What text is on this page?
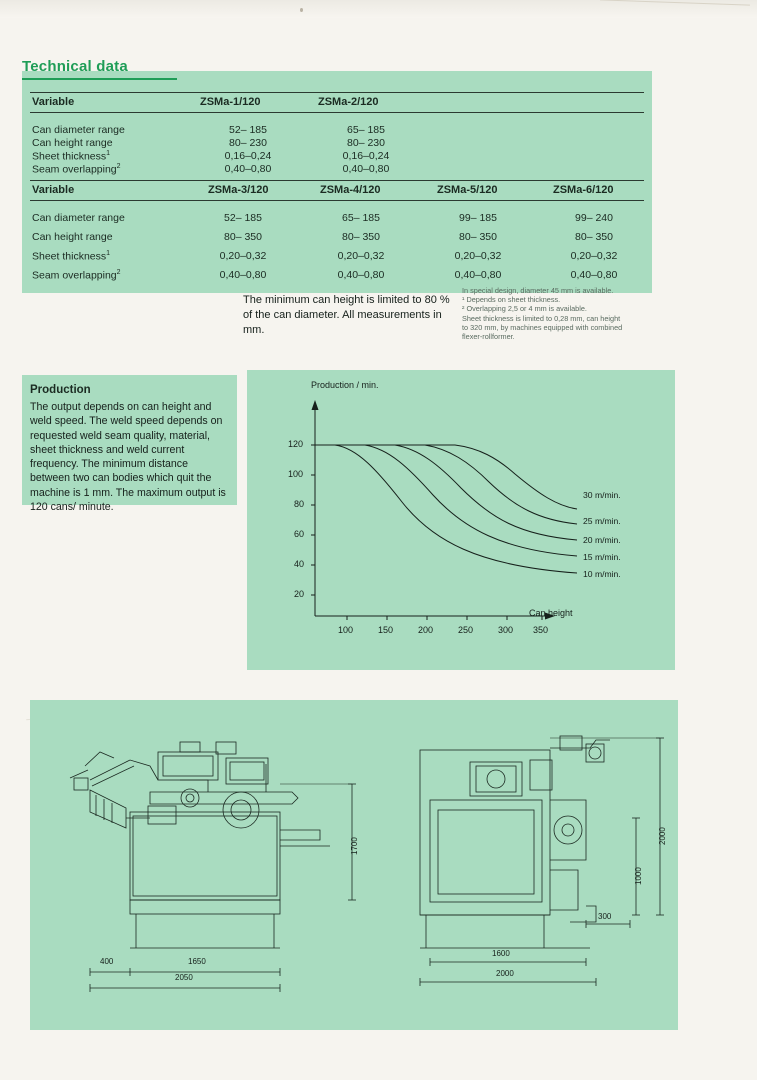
Technical data
Variable	ZSMa-1/120	ZSMa-2/120
Can diameter range	52– 185	65– 185
Can height range	80– 230	80– 230
Sheet thickness$^1$	0,16–0,24	0,16–0,24
Seam overlapping$^2$	0,40–0,80	0,40–0,80
Variable	ZSMa-3/120	ZSMa-4/120	ZSMa-5/120	ZSMa-6/120
Can diameter range	52– 185	65– 185	99– 185	99– 240
Can height range	80– 350	80– 350	80– 350	80– 350
Sheet thickness$^1$	0,20–0,32	0,20–0,32	0,20–0,32	0,20–0,32
Seam overlapping$^2$	0,40–0,80	0,40–0,80	0,40–0,80	0,40–0,80
The minimum can height is limited to 80 % of the can diameter. All measurements in mm.
In special design, diameter 45 mm is available.
¹ Depends on sheet thickness.
² Overlapping 2,5 or 4 mm is available.
Sheet thickness is limited to 0,28 mm, can height
to 320 mm, by machines equipped with combined
flexer-rollformer.
Production
The output depends on can height and weld speed. The weld speed depends on requested weld seam quality, material, sheet thickness and weld current frequency. The minimum distance between two can bodies which quit the machine is 1 mm. The maximum output is 120 cans/ minute.
Production / min.
Can height
120
100
80
60
40
20
100	150	200	250	300 350
30 m/min.
25 m/min.
20 m/min.
15 m/min.
10 m/min.
400	1650
2050
1700
300
1600
2000
2000
1000
